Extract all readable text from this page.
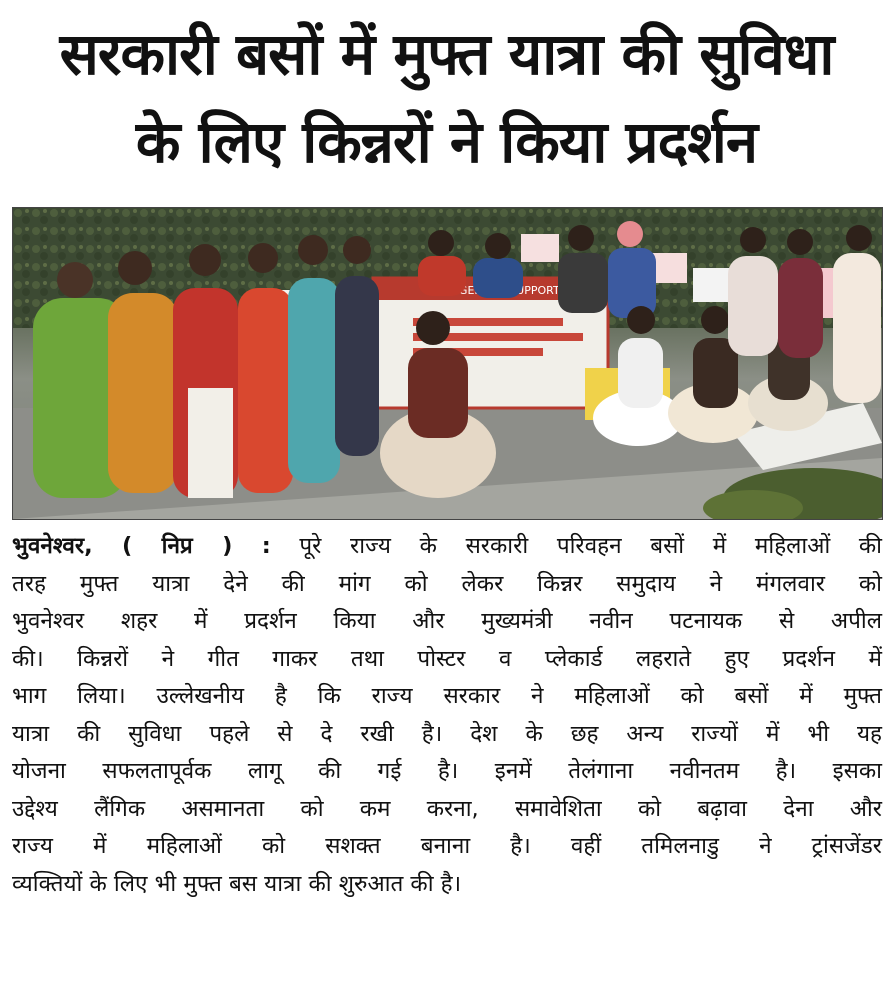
सरकारी बसों में मुफ्त यात्रा की सुविधा
के लिए किन्नरों ने किया प्रदर्शन
TRANSGENDER SUPPORT
भुवनेश्वर, ( निप्र ) : पूरे राज्य के सरकारी परिवहन बसों में महिलाओं की
तरह मुफ्त यात्रा देने की मांग को लेकर किन्नर समुदाय ने मंगलवार को
भुवनेश्वर शहर में प्रदर्शन किया और मुख्यमंत्री नवीन पटनायक से अपील
की। किन्नरों ने गीत गाकर तथा पोस्टर व प्लेकार्ड लहराते हुए प्रदर्शन में
भाग लिया। उल्लेखनीय है कि राज्य सरकार ने महिलाओं को बसों में मुफ्त
यात्रा की सुविधा पहले से दे रखी है। देश के छह अन्य राज्यों में भी यह
योजना सफलतापूर्वक लागू की गई है। इनमें तेलंगाना नवीनतम है। इसका
उद्देश्य लैंगिक असमानता को कम करना, समावेशिता को बढ़ावा देना और
राज्य में महिलाओं को सशक्त बनाना है। वहीं तमिलनाडु ने ट्रांसजेंडर
व्यक्तियों के लिए भी मुफ्त बस यात्रा की शुरुआत की है।
